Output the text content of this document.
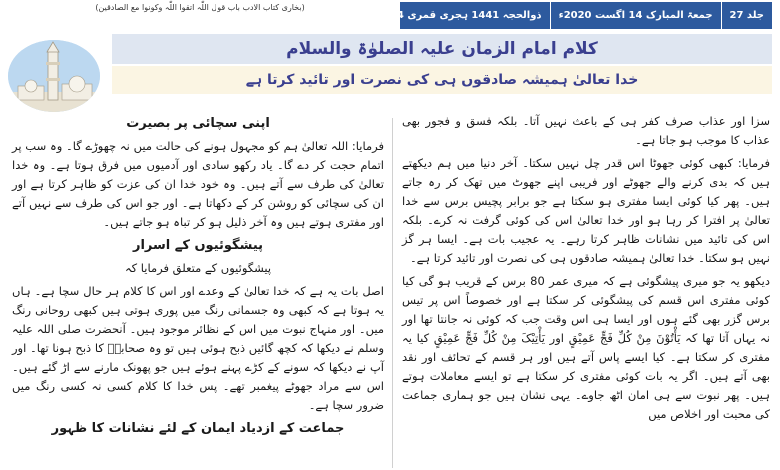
(بخاری کتاب الادب باب قول اللّٰہ اتقوا اللّٰہ وکونوا مع الصادقین)
جلد 27
جمعۃ المبارک 14 اگست 2020ء
24 ذوالحجہ 1441 ہجری قمری
14 ظہور 1399 ہجری شمسی
شمارہ 65
کلام امام الزمان علیہ الصلوٰۃ والسلام
خدا تعالیٰ ہمیشہ صادقوں ہی کی نصرت اور تائید کرتا ہے

سزا اور عذاب صرف کفر ہی کے باعث نہیں آتا۔ بلکہ فسق و فجور بھی عذاب کا موجب ہو جاتا ہے۔

فرمایا: کبھی کوئی جھوٹا اس قدر چل نہیں سکتا۔ آخر دنیا میں ہم دیکھتے ہیں کہ بدی کرنے والے جھوٹے اور فریبی اپنے جھوٹ میں تھک کر رہ جاتے ہیں۔ پھر کیا کوئی ایسا مفتری ہو سکتا ہے جو برابر پچیس برس سے خدا تعالیٰ پر افترا کر رہا ہو اور خدا تعالیٰ اس کی کوئی گرفت نہ کرے۔ بلکہ اس کی تائید میں نشانات ظاہر کرتا رہے۔ یہ عجیب بات ہے۔ ایسا ہر گز نہیں ہو سکتا۔ خدا تعالیٰ ہمیشہ صادقوں ہی کی نصرت اور تائید کرتا ہے۔

دیکھو یہ جو میری پیشگوئی ہے کہ میری عمر 80 برس کے قریب ہو گی کیا کوئی مفتری اس قسم کی پیشگوئی کر سکتا ہے اور خصوصاً اس پر تیس برس گزر بھی گئے ہوں اور ایسا ہی اس وقت جب کہ کوئی نہ جانتا تھا اور نہ یہاں آتا تھا کہ یَأْتُوْنَ مِنْ کُلِّ فَجٍّ عَمِیْقٍ اور یَأْتِیْکَ مِنْ کُلِّ فَجٍّ عَمِیْقٍ کیا یہ مفتری کر سکتا ہے۔ کیا ایسے پاس آتے ہیں اور ہر قسم کے تحائف اور نقد بھی آتے ہیں۔ اگر یہ بات کوئی مفتری کر سکتا ہے تو ایسے معاملات ہوتے ہیں۔ پھر نبوت سے ہی امان اٹھ جاوے۔ یہی نشان ہیں جو ہماری جماعت کی محبت اور اخلاص میں

اپنی سچائی پر بصیرت

فرمایا: اللہ تعالیٰ ہم کو مجہول ہونے کی حالت میں نہ چھوڑے گا۔ وہ سب پر اتمام حجت کر دے گا۔ یاد رکھو سادی اور آدمیوں میں فرق ہوتا ہے۔ وہ خدا تعالیٰ کی طرف سے آتے ہیں۔ وہ خود خدا ان کی عزت کو ظاہر کرتا ہے اور ان کی سچائی کو روشن کر کے دکھاتا ہے۔ اور جو اس کی طرف سے نہیں آتے اور مفتری ہوتے ہیں وہ آخر ذلیل ہو کر تباہ ہو جاتے ہیں۔

پیشگوئیوں کے اسرار

پیشگوئیوں کے متعلق فرمایا کہ

اصل بات یہ ہے کہ خدا تعالیٰ کے وعدے اور اس کا کلام ہر حال سچا ہے۔ ہاں یہ ہوتا ہے کہ کبھی وہ جسمانی رنگ میں پوری ہوتی ہیں کبھی روحانی رنگ میں۔ اور منہاج نبوت میں اس کے نظائر موجود ہیں۔ آنحضرت صلی اللہ علیہ وسلم نے دیکھا کہ کچھ گائیں ذبح ہوئی ہیں تو وہ صحابہؓ کا ذبح ہونا تھا۔ اور آپ نے دیکھا کہ سونے کے کڑے پہنے ہوئے ہیں جو پھونک مارنے سے اڑ گئے ہیں۔ اس سے مراد جھوٹے پیغمبر تھے۔ پس خدا کا کلام کسی نہ کسی رنگ میں ضرور سچا ہے۔

جماعت کے ازدیاد ایمان کے لئے نشانات کا ظہور
